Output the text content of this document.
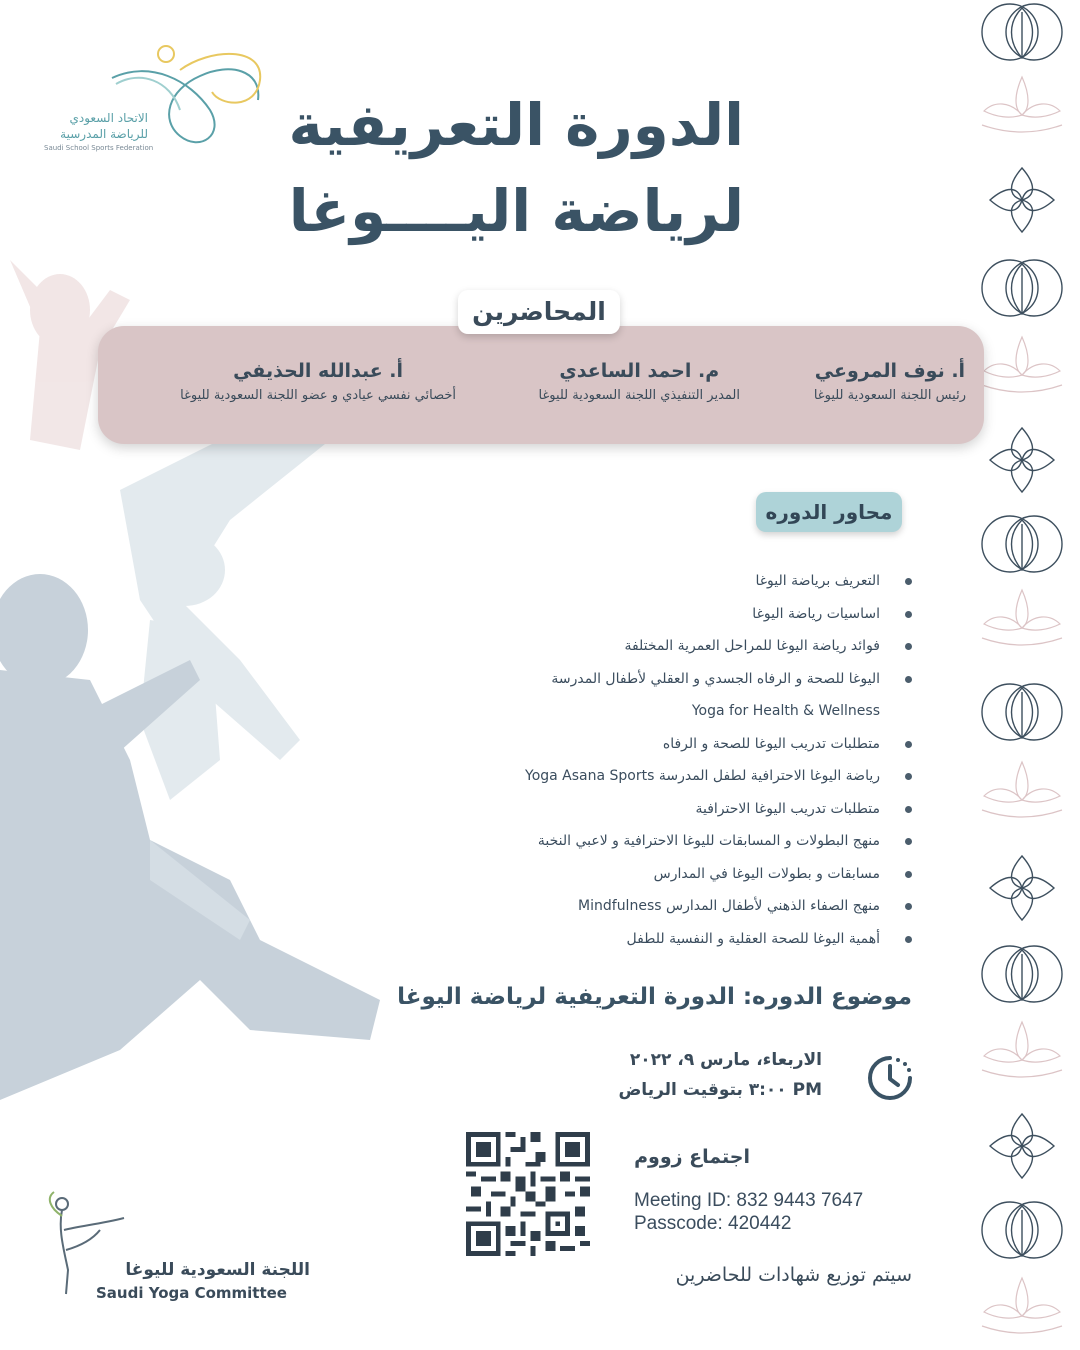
الاتحاد السعودي
للرياضة المدرسية
Saudi School Sports Federation	الدورة التعريفية
لرياضة اليــــوغا
المحاضرين
أ. نوف المروعي
رئيس اللجنة السعودية لليوغا
م. احمد الساعدي
المدير التنفيذي اللجنة السعودية لليوغا
أ. عبدالله الحذيفي
أخصائي نفسي عيادي و عضو اللجنة السعودية لليوغا
محاور الدوره
التعريف برياضة اليوغا
اساسيات رياضة اليوغا
فوائد رياضة اليوغا للمراحل العمرية المختلفة
اليوغا للصحة و الرفاه الجسدي و العقلي لأطفال المدرسة
Yoga for Health & Wellness
متطلبات تدريب اليوغا للصحة و الرفاه
رياضة اليوغا الاحترافية لطفل المدرسة Yoga Asana Sports
متطلبات تدريب اليوغا الاحترافية
منهج البطولات و المسابقات لليوغا الاحترافية و لاعبي النخبة
مسابقات و بطولات اليوغا في المدارس
منهج الصفاء الذهني لأطفال المدارس Mindfulness
أهمية اليوغا للصحة العقلية و النفسية للطفل
موضوع الدوره: الدورة التعريفية لرياضة اليوغا
الاربعاء، مارس ٩، ٢٠٢٢
PM ٣:٠٠ بتوقيت الرياض
اجتماع زووم
Meeting ID: 832 9443 7647
Passcode: 420442
سيتم توزيع شهادات للحاضرين
اللجنة السعودية لليوغا
Saudi Yoga Committee
